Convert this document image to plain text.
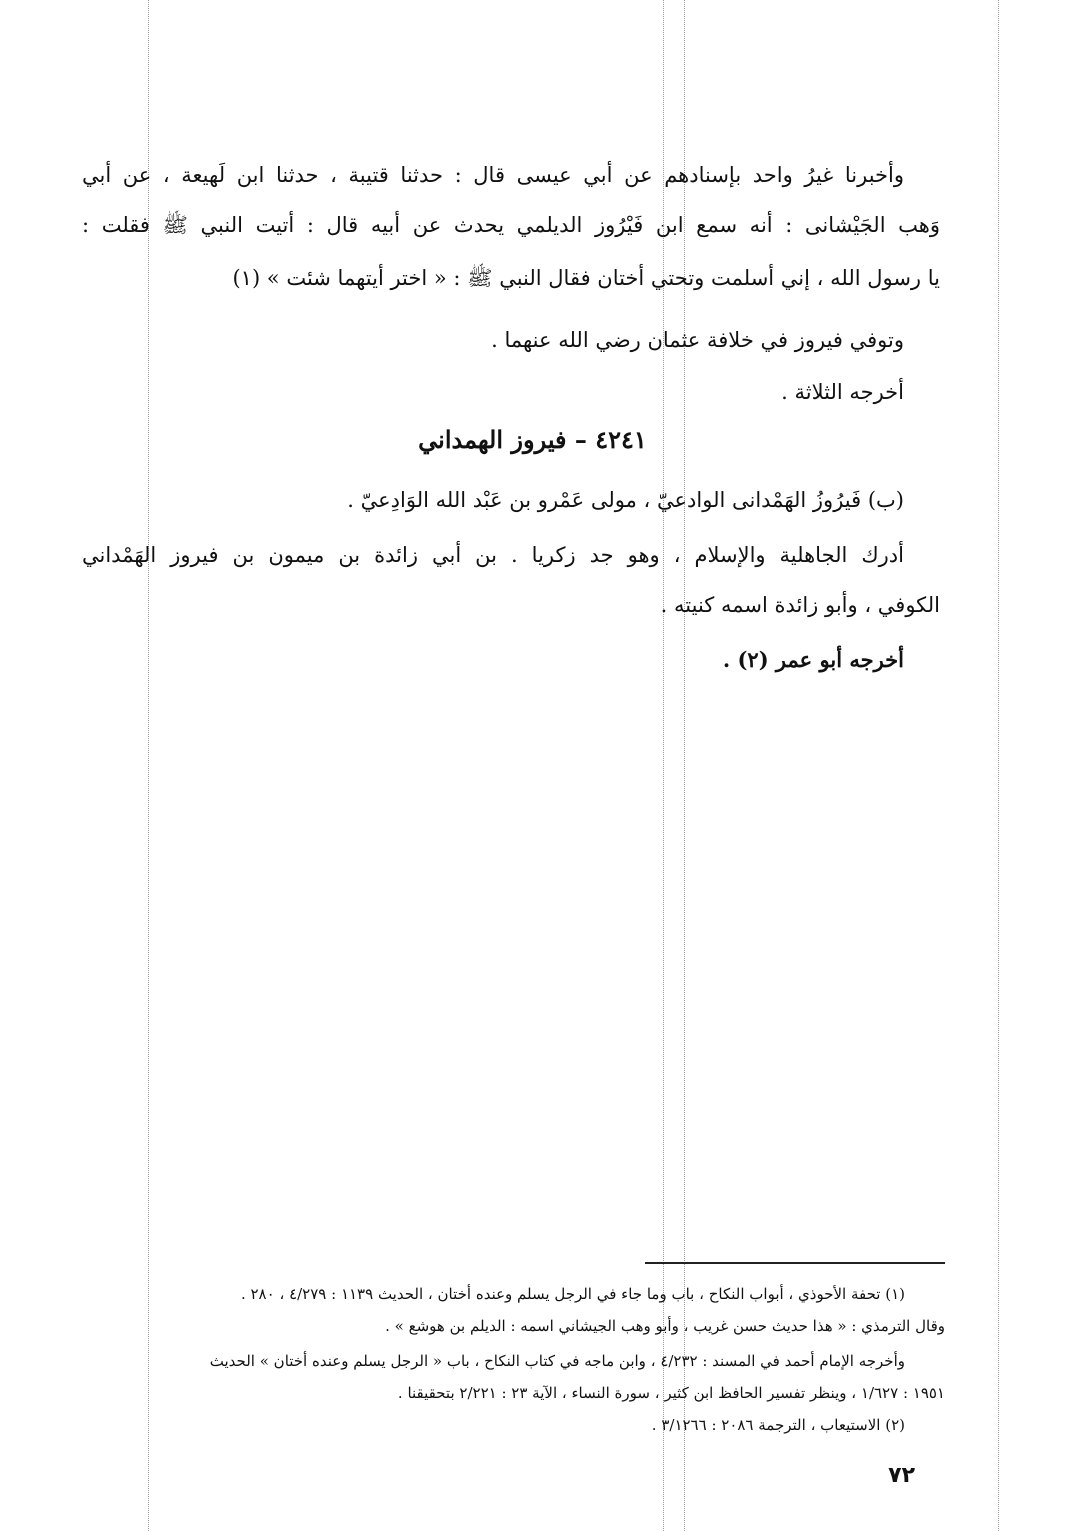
وأخبرنا غيرُ واحد بإسنادهم عن أبي عيسى قال : حدثنا قتيبة ، حدثنا ابن لَهيعة ، عن أبي
وَهب الجَيْشانى : أنه سمع ابن فَيْرُوز الديلمي يحدث عن أبيه قال : أتيت النبي ﷺ فقلت :
يا رسول الله ، إني أسلمت وتحتي أختان فقال النبي ﷺ : « اختر أيتهما شئت » (١)
وتوفي فيروز في خلافة عثمان رضي الله عنهما .
أخرجه الثلاثة .
٤٢٤١ – فيروز الهمداني
(ب) فَيرُوزُ الهَمْدانى الوادعيّ ، مولى عَمْرو بن عَبْد الله الوَادِعيّ .
أدرك الجاهلية والإسلام ، وهو جد زكريا . بن أبي زائدة بن ميمون بن فيروز الهَمْداني
الكوفي ، وأبو زائدة اسمه كنيته .
أخرجه أبو عمر (٢) .
(١) تحفة الأحوذي ، أبواب النكاح ، باب وما جاء في الرجل يسلم وعنده أختان ، الحديث ١١٣٩ : ٤/٢٧٩ ، ٢٨٠ .
وقال الترمذي : « هذا حديث حسن غريب ، وأبو وهب الجيشاني اسمه : الديلم بن هوشع » .
وأخرجه الإمام أحمد في المسند : ٤/٢٣٢ ، وابن ماجه في كتاب النكاح ، باب « الرجل يسلم وعنده أختان » الحديث
١٩٥١ : ١/٦٢٧ ، وينظر تفسير الحافظ ابن كثير ، سورة النساء ، الآية ٢٣ : ٢/٢٢١ بتحقيقنا .
(٢) الاستيعاب ، الترجمة ٢٠٨٦ : ٣/١٢٦٦ .
٧٢
